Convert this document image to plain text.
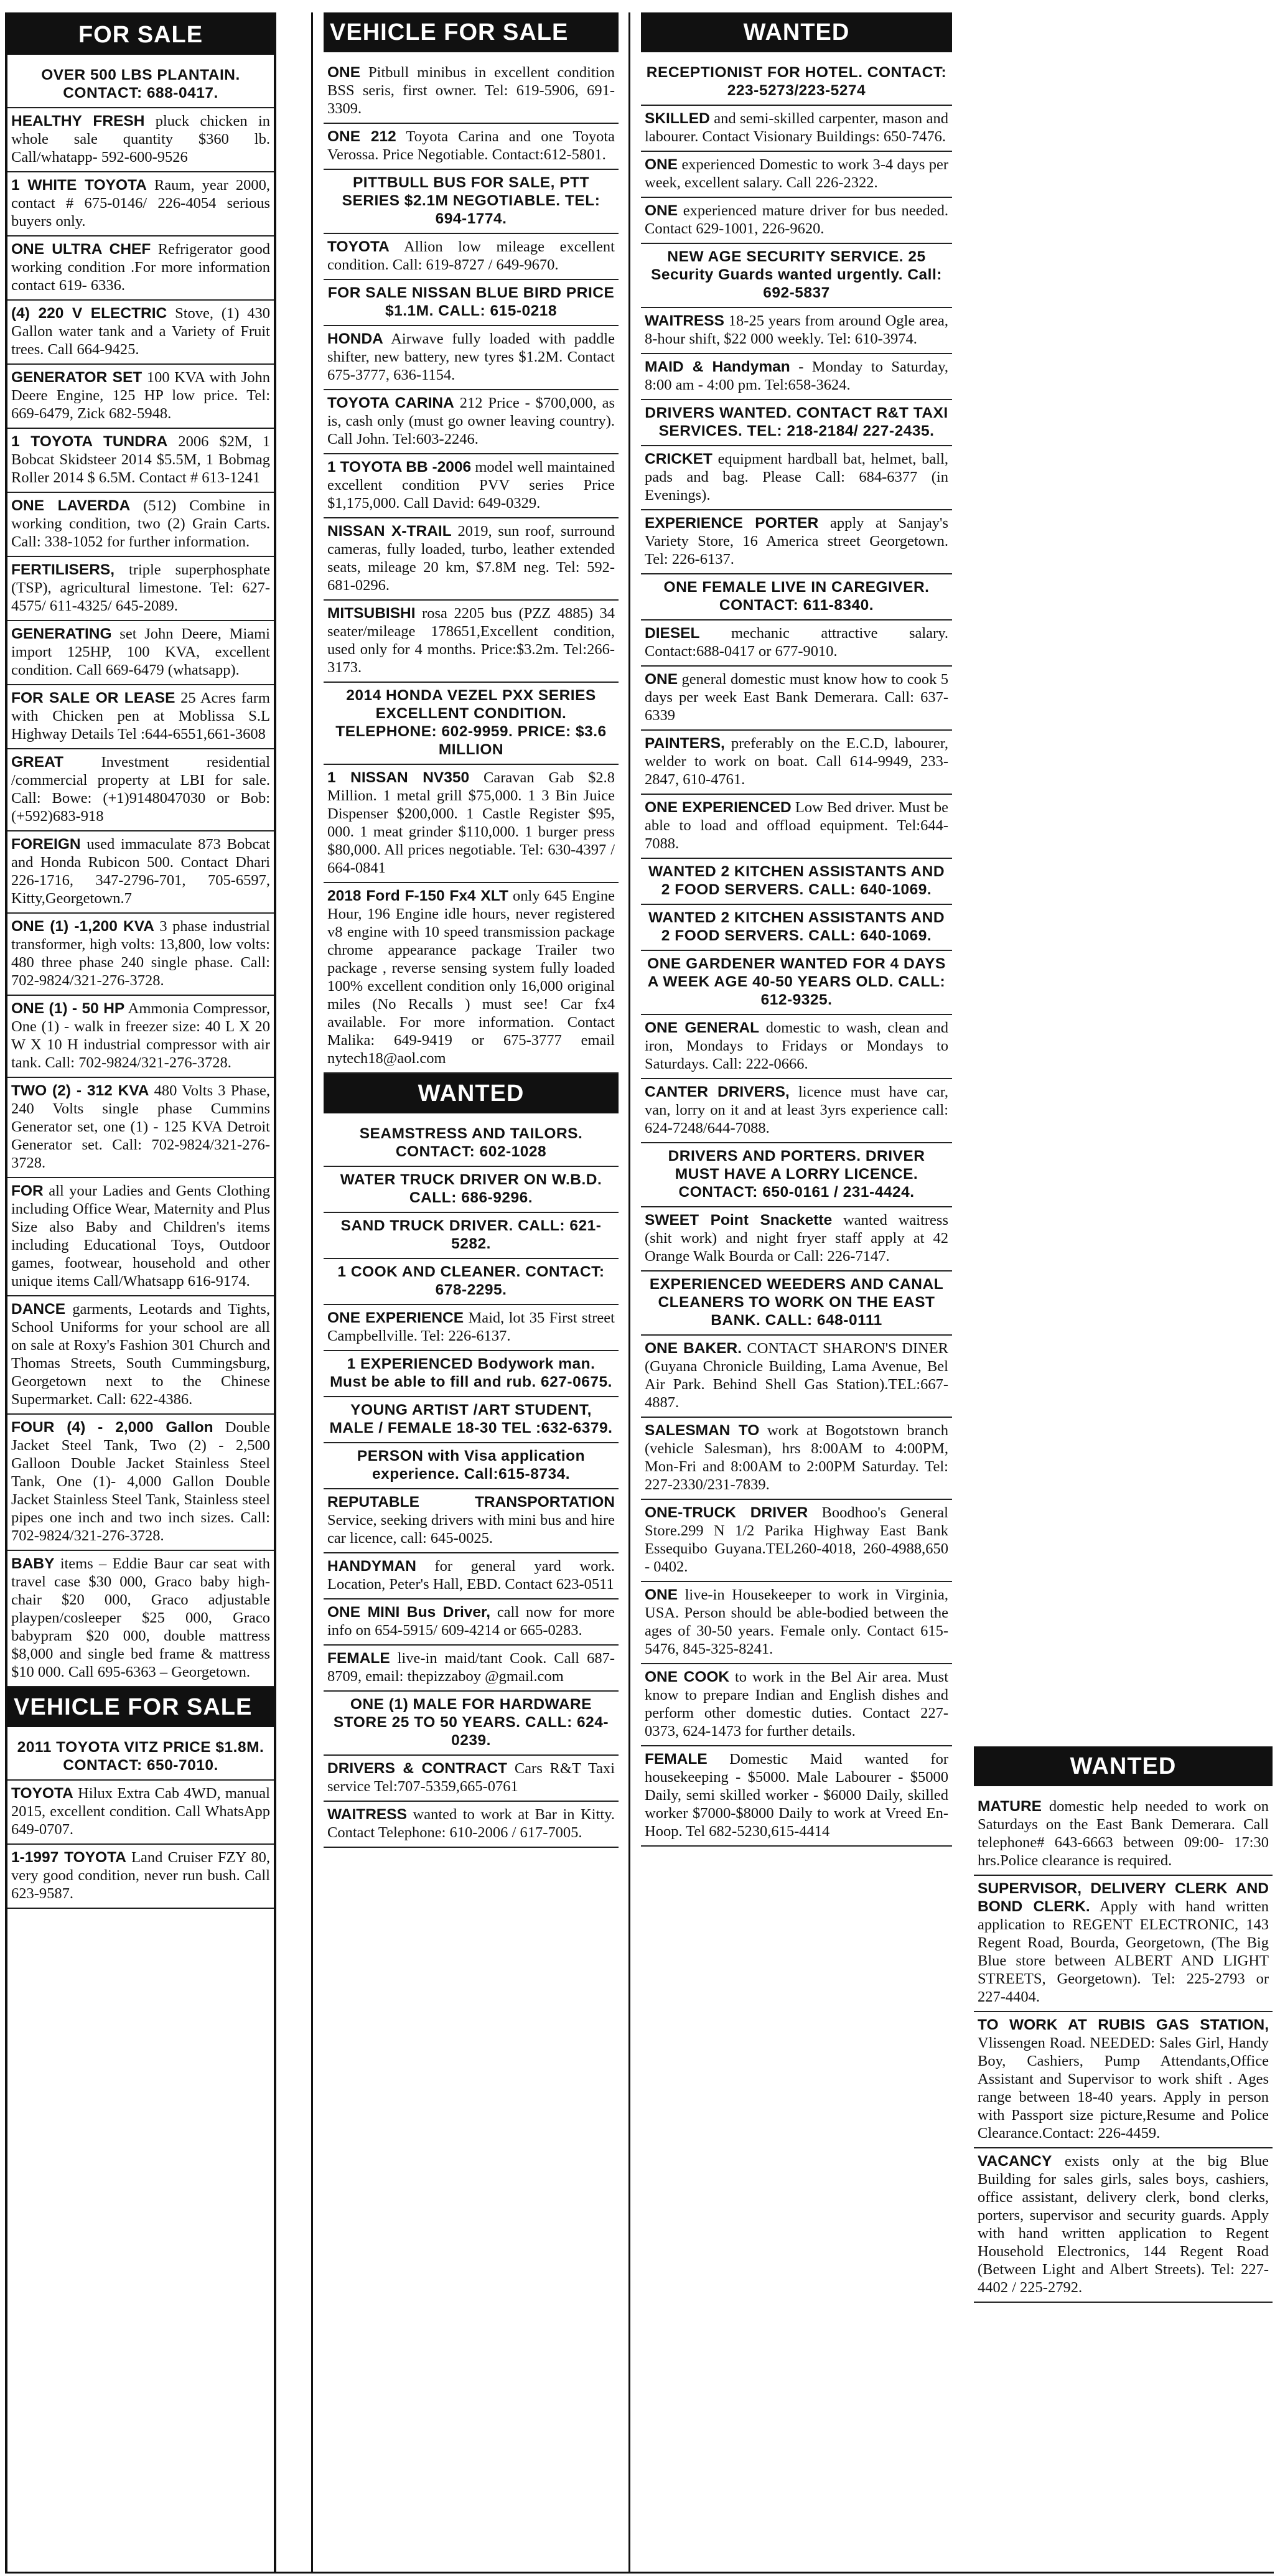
FOR SALE
OVER 500 LBS PLANTAIN. CONTACT: 688-0417.
HEALTHY FRESH pluck chicken in whole sale quantity $360 lb. Call/whatapp- 592-600-9526
1 WHITE TOYOTA Raum, year 2000, contact # 675-0146/ 226-4054 serious buyers only.
ONE ULTRA CHEF Refrigerator good working condition .For more information contact 619- 6336.
(4) 220 V ELECTRIC Stove, (1) 430 Gallon water tank and a Variety of Fruit trees. Call 664-9425.
GENERATOR SET 100 KVA with John Deere Engine, 125 HP low price. Tel: 669-6479, Zick 682-5948.
1 TOYOTA TUNDRA 2006 $2M, 1 Bobcat Skidsteer 2014 $5.5M, 1 Bobmag Roller 2014 $ 6.5M. Contact # 613-1241
ONE LAVERDA (512) Combine in working condition, two (2) Grain Carts. Call: 338-1052 for further information.
FERTILISERS, triple superphosphate (TSP), agricultural limestone. Tel: 627-4575/ 611-4325/ 645-2089.
GENERATING set John Deere, Miami import 125HP, 100 KVA, excellent condition. Call 669-6479 (whatsapp).
FOR SALE OR LEASE 25 Acres farm with Chicken pen at Moblissa S.L Highway Details Tel :644-6551,661-3608
GREAT Investment residential /commercial property at LBI for sale. Call: Bowe: (+1)9148047030 or Bob: (+592)683-918
FOREIGN used immaculate 873 Bobcat and Honda Rubicon 500. Contact Dhari 226-1716, 347-2796-701, 705-6597, Kitty,Georgetown.7
ONE (1) -1,200 KVA 3 phase industrial transformer, high volts: 13,800, low volts: 480 three phase 240 single phase. Call: 702-9824/321-276-3728.
ONE (1) - 50 HP Ammonia Compressor, One (1) - walk in freezer size: 40 L X 20 W X 10 H industrial compressor with air tank. Call: 702-9824/321-276-3728.
TWO (2) - 312 KVA 480 Volts 3 Phase, 240 Volts single phase Cummins Generator set, one (1) - 125 KVA Detroit Generator set. Call: 702-9824/321-276-3728.
FOR all your Ladies and Gents Clothing including Office Wear, Maternity and Plus Size also Baby and Children's items including Educational Toys, Outdoor games, footwear, household and other unique items Call/Whatsapp 616-9174.
DANCE garments, Leotards and Tights, School Uniforms for your school are all on sale at Roxy's Fashion 301 Church and Thomas Streets, South Cummingsburg, Georgetown next to the Chinese Supermarket. Call: 622-4386.
FOUR (4) - 2,000 Gallon Double Jacket Steel Tank, Two (2) - 2,500 Galloon Double Jacket Stainless Steel Tank, One (1)- 4,000 Gallon Double Jacket Stainless Steel Tank, Stainless steel pipes one inch and two inch sizes. Call: 702-9824/321-276-3728.
BABY items – Eddie Baur car seat with travel case $30 000, Graco baby high-chair $20 000, Graco adjustable playpen/cosleeper $25 000, Graco babypram $20 000, double mattress $8,000 and single bed frame & mattress $10 000. Call 695-6363 – Georgetown.
VEHICLE FOR SALE
2011 TOYOTA VITZ PRICE $1.8M. CONTACT: 650-7010.
TOYOTA Hilux Extra Cab 4WD, manual 2015, excellent condition. Call WhatsApp 649-0707.
1-1997 TOYOTA Land Cruiser FZY 80, very good condition, never run bush. Call 623-9587.
VEHICLE FOR SALE
ONE Pitbull minibus in excellent condition BSS seris, first owner. Tel: 619-5906, 691-3309.
ONE 212 Toyota Carina and one Toyota Verossa. Price Negotiable. Contact:612-5801.
PITTBULL BUS FOR SALE, PTT SERIES $2.1M NEGOTIABLE. TEL: 694-1774.
TOYOTA Allion low mileage excellent condition. Call: 619-8727 / 649-9670.
FOR SALE NISSAN BLUE BIRD PRICE $1.1M. CALL: 615-0218
HONDA Airwave fully loaded with paddle shifter, new battery, new tyres $1.2M. Contact 675-3777, 636-1154.
TOYOTA CARINA 212 Price - $700,000, as is, cash only (must go owner leaving country). Call John. Tel:603-2246.
1 TOYOTA BB -2006 model well maintained excellent condition PVV series Price $1,175,000. Call David: 649-0329.
NISSAN X-TRAIL 2019, sun roof, surround cameras, fully loaded, turbo, leather extended seats, mileage 20 km, $7.8M neg. Tel: 592-681-0296.
MITSUBISHI rosa 2205 bus (PZZ 4885) 34 seater/mileage 178651,Excellent condition, used only for 4 months. Price:$3.2m. Tel:266-3173.
2014 HONDA VEZEL PXX SERIES EXCELLENT CONDITION. TELEPHONE: 602-9959. PRICE: $3.6 MILLION
1 NISSAN NV350 Caravan Gab $2.8 Million. 1 metal grill $75,000. 1 3 Bin Juice Dispenser $200,000. 1 Castle Register $95, 000. 1 meat grinder $110,000. 1 burger press $80,000. All prices negotiable. Tel: 630-4397 / 664-0841
2018 Ford F-150 Fx4 XLT only 645 Engine Hour, 196 Engine idle hours, never registered v8 engine with 10 speed transmission package chrome appearance package Trailer two package , reverse sensing system fully loaded 100% excellent condition only 16,000 original miles (No Recalls ) must see! Car fx4 available. For more information. Contact Malika: 649-9419 or 675-3777 email nytech18@aol.com
WANTED
SEAMSTRESS AND TAILORS. CONTACT: 602-1028
WATER TRUCK DRIVER ON W.B.D. CALL: 686-9296.
SAND TRUCK DRIVER. CALL: 621-5282.
1 COOK AND CLEANER. CONTACT: 678-2295.
ONE EXPERIENCE Maid, lot 35 First street Campbellville. Tel: 226-6137.
1 EXPERIENCED Bodywork man. Must be able to fill and rub. 627-0675.
YOUNG ARTIST /ART STUDENT, MALE / FEMALE 18-30 TEL :632-6379.
PERSON with Visa application experience. Call:615-8734.
REPUTABLE TRANSPORTATION Service, seeking drivers with mini bus and hire car licence, call: 645-0025.
HANDYMAN for general yard work. Location, Peter's Hall, EBD. Contact 623-0511
ONE MINI Bus Driver, call now for more info on 654-5915/ 609-4214 or 665-0283.
FEMALE live-in maid/tant Cook. Call 687-8709, email: thepizzaboy @gmail.com
ONE (1) MALE FOR HARDWARE STORE 25 TO 50 YEARS. CALL: 624-0239.
DRIVERS & CONTRACT Cars R&T Taxi service Tel:707-5359,665-0761
WAITRESS wanted to work at Bar in Kitty. Contact Telephone: 610-2006 / 617-7005.
WANTED
RECEPTIONIST FOR HOTEL. CONTACT: 223-5273/223-5274
SKILLED and semi-skilled carpenter, mason and labourer. Contact Visionary Buildings: 650-7476.
ONE experienced Domestic to work 3-4 days per week, excellent salary. Call 226-2322.
ONE experienced mature driver for bus needed. Contact 629-1001, 226-9620.
NEW AGE SECURITY SERVICE. 25 Security Guards wanted urgently. Call: 692-5837
WAITRESS 18-25 years from around Ogle area, 8-hour shift, $22 000 weekly. Tel: 610-3974.
MAID & Handyman - Monday to Saturday, 8:00 am - 4:00 pm. Tel:658-3624.
DRIVERS WANTED. CONTACT R&T TAXI SERVICES. TEL: 218-2184/ 227-2435.
CRICKET equipment hardball bat, helmet, ball, pads and bag. Please Call: 684-6377 (in Evenings).
EXPERIENCE PORTER apply at Sanjay's Variety Store, 16 America street Georgetown. Tel: 226-6137.
ONE FEMALE LIVE IN CAREGIVER. CONTACT: 611-8340.
DIESEL mechanic attractive salary. Contact:688-0417 or 677-9010.
ONE general domestic must know how to cook 5 days per week East Bank Demerara. Call: 637-6339
PAINTERS, preferably on the E.C.D, labourer, welder to work on boat. Call 614-9949, 233-2847, 610-4761.
ONE EXPERIENCED Low Bed driver. Must be able to load and offload equipment. Tel:644-7088.
WANTED 2 KITCHEN ASSISTANTS AND 2 FOOD SERVERS. CALL: 640-1069.
WANTED 2 KITCHEN ASSISTANTS AND 2 FOOD SERVERS. CALL: 640-1069.
ONE GARDENER WANTED FOR 4 DAYS A WEEK AGE 40-50 YEARS OLD. CALL: 612-9325.
ONE GENERAL domestic to wash, clean and iron, Mondays to Fridays or Mondays to Saturdays. Call: 222-0666.
CANTER DRIVERS, licence must have car, van, lorry on it and at least 3yrs experience call: 624-7248/644-7088.
DRIVERS AND PORTERS. DRIVER MUST HAVE A LORRY LICENCE. CONTACT: 650-0161 / 231-4424.
SWEET Point Snackette wanted waitress (shit work) and night fryer staff apply at 42 Orange Walk Bourda or Call: 226-7147.
EXPERIENCED WEEDERS AND CANAL CLEANERS TO WORK ON THE EAST BANK. CALL: 648-0111
ONE BAKER. CONTACT SHARON'S DINER (Guyana Chronicle Building, Lama Avenue, Bel Air Park. Behind Shell Gas Station).TEL:667-4887.
SALESMAN TO work at Bogotstown branch (vehicle Salesman), hrs 8:00AM to 4:00PM, Mon-Fri and 8:00AM to 2:00PM Saturday. Tel: 227-2330/231-7839.
ONE-TRUCK DRIVER Boodhoo's General Store.299 N 1/2 Parika Highway East Bank Essequibo Guyana.TEL260-4018, 260-4988,650 - 0402.
ONE live-in Housekeeper to work in Virginia, USA. Person should be able-bodied between the ages of 30-50 years. Female only. Contact 615-5476, 845-325-8241.
ONE COOK to work in the Bel Air area. Must know to prepare Indian and English dishes and perform other domestic duties. Contact 227-0373, 624-1473 for further details.
FEMALE Domestic Maid wanted for housekeeping - $5000. Male Labourer - $5000 Daily, semi skilled worker - $6000 Daily, skilled worker $7000-$8000 Daily to work at Vreed En-Hoop. Tel 682-5230,615-4414
WANTED
MATURE domestic help needed to work on Saturdays on the East Bank Demerara. Call telephone# 643-6663 between 09:00- 17:30 hrs.Police clearance is required.
SUPERVISOR, DELIVERY CLERK AND BOND CLERK. Apply with hand written application to REGENT ELECTRONIC, 143 Regent Road, Bourda, Georgetown, (The Big Blue store between ALBERT AND LIGHT STREETS, Georgetown). Tel: 225-2793 or 227-4404.
TO WORK AT RUBIS GAS STATION, Vlissengen Road. NEEDED: Sales Girl, Handy Boy, Cashiers, Pump Attendants,Office Assistant and Supervisor to work shift . Ages range between 18-40 years. Apply in person with Passport size picture,Resume and Police Clearance.Contact: 226-4459.
VACANCY exists only at the big Blue Building for sales girls, sales boys, cashiers, office assistant, delivery clerk, bond clerks, porters, supervisor and security guards. Apply with hand written application to Regent Household Electronics, 144 Regent Road (Between Light and Albert Streets). Tel: 227-4402 / 225-2792.
